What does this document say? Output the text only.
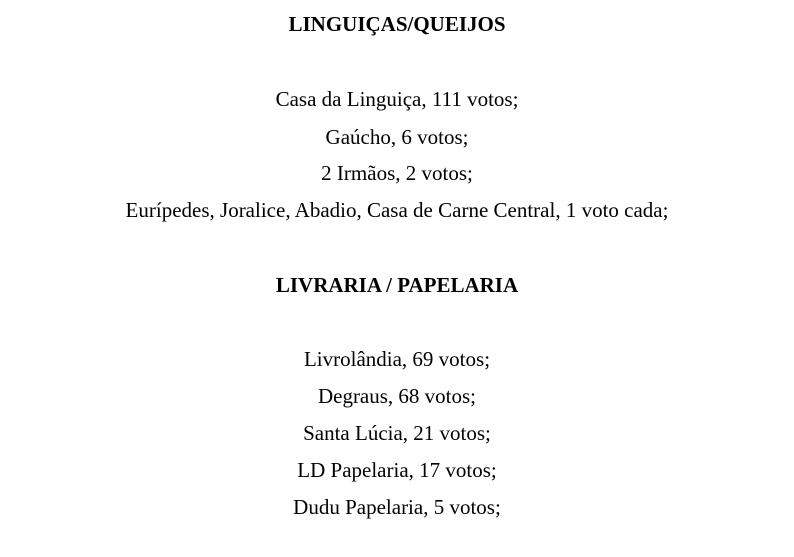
LINGUIÇAS/QUEIJOS

Casa da Linguiça, 111 votos;

Gaúcho, 6 votos;

2 Irmãos, 2 votos;

Eurípedes, Joralice, Abadio, Casa de Carne Central, 1 voto cada;

LIVRARIA / PAPELARIA

Livrolândia, 69 votos;

Degraus, 68 votos;

Santa Lúcia, 21 votos;

LD Papelaria, 17 votos;

Dudu Papelaria, 5 votos;
